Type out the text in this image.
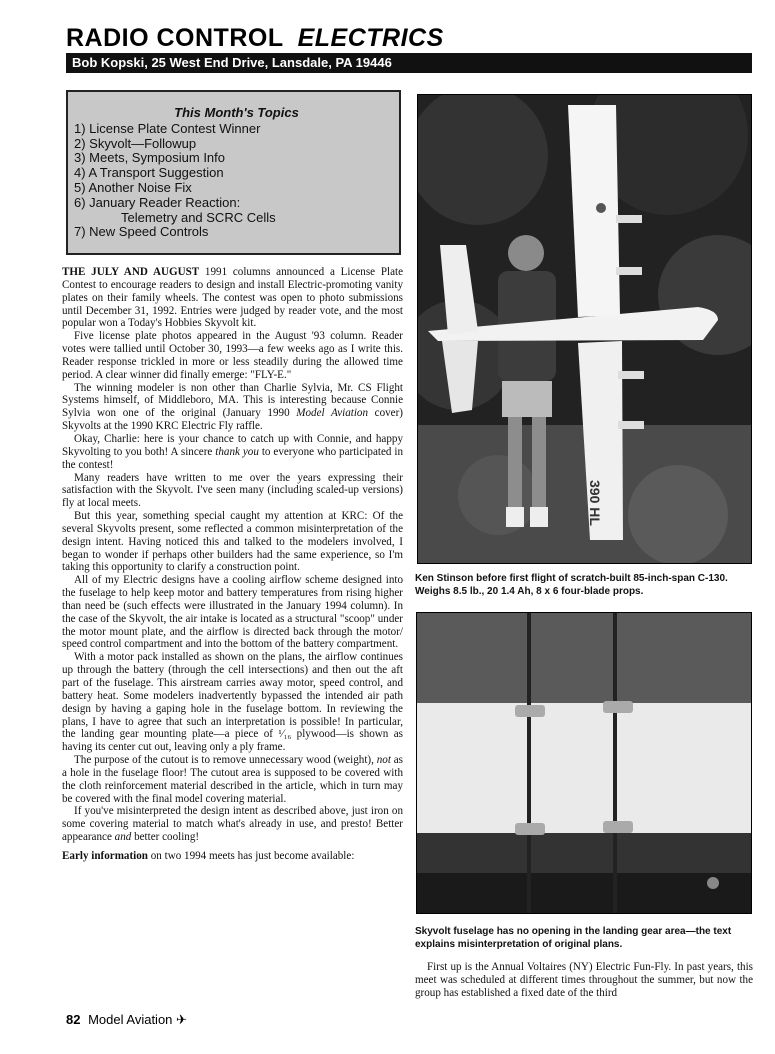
RADIO CONTROL ELECTRICS
Bob Kopski, 25 West End Drive, Lansdale, PA 19446
This Month's Topics
1) License Plate Contest Winner
2) Skyvolt—Followup
3) Meets, Symposium Info
4) A Transport Suggestion
5) Another Noise Fix
6) January Reader Reaction:
Telemetry and SCRC Cells
7) New Speed Controls

THE JULY AND AUGUST 1991 columns announced a License Plate Contest to encourage readers to design and install Electric-promoting vanity plates on their family wheels. The contest was open to photo submissions until December 31, 1992. Entries were judged by reader vote, and the most popular won a Today's Hobbies Skyvolt kit.

Five license plate photos appeared in the August '93 column. Reader votes were tallied until October 30, 1993—a few weeks ago as I write this. Reader response trickled in more or less steadily during the allowed time period. A clear winner did finally emerge: "FLY-E."

The winning modeler is non other than Charlie Sylvia, Mr. CS Flight Systems himself, of Middleboro, MA. This is interesting because Connie Sylvia won one of the original (January 1990 Model Aviation cover) Skyvolts at the 1990 KRC Electric Fly raffle.

Okay, Charlie: here is your chance to catch up with Connie, and happy Skyvolting to you both! A sincere thank you to everyone who participated in the contest!

Many readers have written to me over the years expressing their satisfaction with the Skyvolt. I've seen many (including scaled-up versions) fly at local meets.

But this year, something special caught my attention at KRC: Of the several Skyvolts present, some reflected a common misinterpretation of the design intent. Having noticed this and talked to the modelers involved, I began to wonder if perhaps other builders had the same experience, so I'm taking this opportunity to clarify a construction point.

All of my Electric designs have a cooling airflow scheme designed into the fuselage to help keep motor and battery temperatures from rising higher than need be (such effects were illustrated in the January 1994 column). In the case of the Skyvolt, the air intake is located as a structural "scoop" under the motor mount plate, and the airflow is directed back through the motor/ speed control compartment and into the bottom of the battery compartment.

With a motor pack installed as shown on the plans, the airflow continues up through the battery (through the cell intersections) and then out the aft part of the fuselage. This airstream carries away motor, speed control, and battery heat. Some modelers inadvertently bypassed the intended air path design by having a gaping hole in the fuselage bottom. In reviewing the plans, I have to agree that such an interpretation is possible! In particular, the landing gear mounting plate—a piece of ¹⁄₁₆ plywood—is shown as having its center cut out, leaving only a ply frame.

The purpose of the cutout is to remove unnecessary wood (weight), not as a hole in the fuselage floor! The cutout area is supposed to be covered with the cloth reinforcement material described in the article, which in turn may be covered with the final model covering material.

If you've misinterpreted the design intent as described above, just iron on some covering material to match what's already in use, and presto! Better appearance and better cooling!

Early information on two 1994 meets has just become available:

390 HL
Ken Stinson before first flight of scratch-built 85-inch-span C-130. Weighs 8.5 lb., 20 1.4 Ah, 8 x 6 four-blade props.
Skyvolt fuselage has no opening in the landing gear area—the text explains misinterpretation of original plans.

First up is the Annual Voltaires (NY) Electric Fun-Fly. In past years, this meet was scheduled at different times throughout the summer, but now the group has established a fixed date of the third

82 Model Aviation ✈
